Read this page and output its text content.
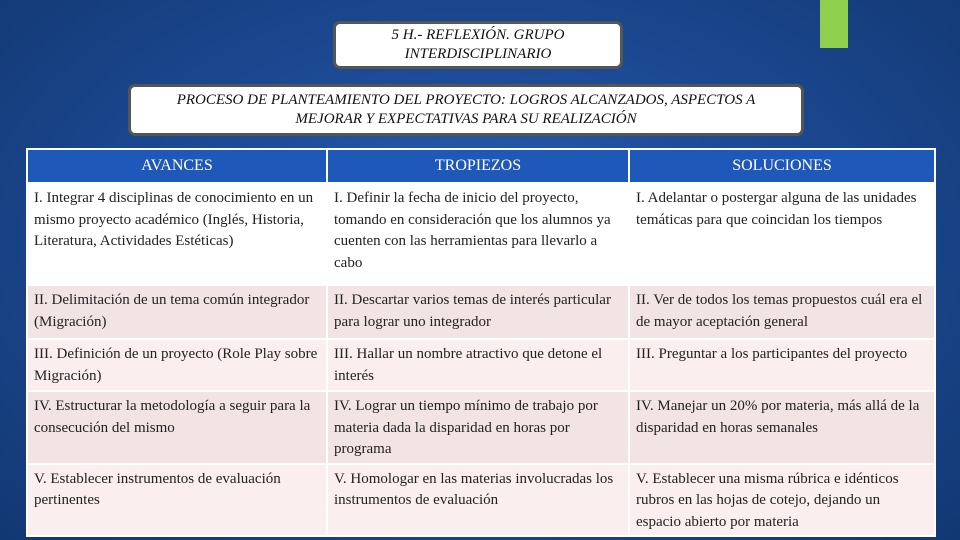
5 H.- REFLEXIÓN. GRUPO INTERDISCIPLINARIO
PROCESO DE PLANTEAMIENTO DEL PROYECTO: LOGROS ALCANZADOS, ASPECTOS A MEJORAR Y EXPECTATIVAS PARA SU REALIZACIÓN
AVANCES	TROPIEZOS	SOLUCIONES
I. Integrar 4 disciplinas de conocimiento en un mismo proyecto académico (Inglés, Historia, Literatura, Actividades Estéticas)	I. Definir la fecha de inicio del proyecto, tomando en consideración que los alumnos ya cuenten con las herramientas para llevarlo a cabo	I. Adelantar o postergar alguna de las unidades temáticas para que coincidan los tiempos
II. Delimitación de un tema común integrador (Migración)	II. Descartar varios temas de interés particular para lograr uno integrador	II. Ver de todos los temas propuestos cuál era el de mayor aceptación general
III. Definición de un proyecto (Role Play sobre Migración)	III. Hallar un nombre atractivo que detone el interés	III. Preguntar a los participantes del proyecto
IV. Estructurar la metodología a seguir para la consecución del mismo	IV. Lograr un tiempo mínimo de trabajo por materia dada la disparidad en horas por programa	IV. Manejar un 20% por materia, más allá de la disparidad en horas semanales
V. Establecer instrumentos de evaluación pertinentes	V. Homologar en las materias involucradas los instrumentos de evaluación	V. Establecer una misma rúbrica e idénticos rubros en las hojas de cotejo, dejando un espacio abierto por materia
